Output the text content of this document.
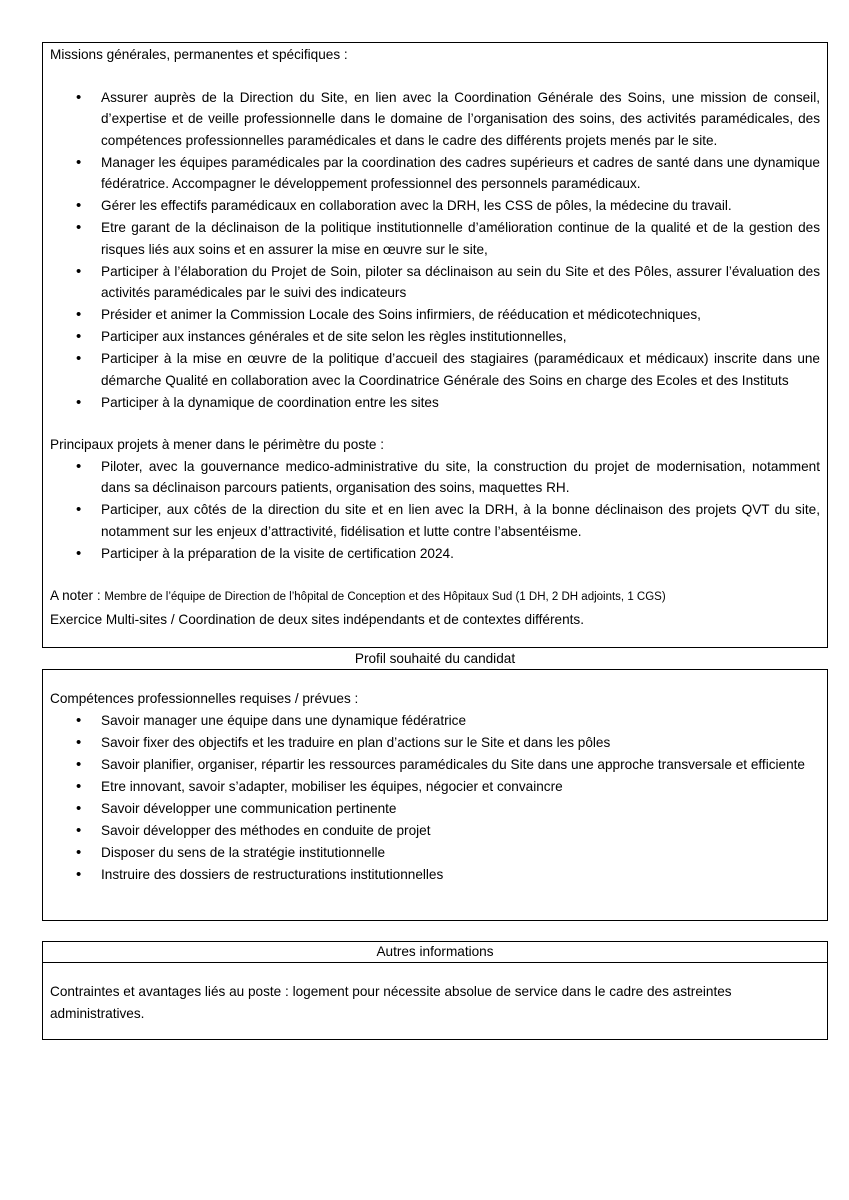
Missions générales, permanentes et spécifiques :

• Assurer auprès de la Direction du Site, en lien avec la Coordination Générale des Soins, une mission de conseil, d’expertise et de veille professionnelle dans le domaine de l’organisation des soins, des activités paramédicales, des compétences professionnelles paramédicales et dans le cadre des différents projets menés par le site.
• Manager les équipes paramédicales par la coordination des cadres supérieurs et cadres de santé dans une dynamique fédératrice. Accompagner le développement professionnel des personnels paramédicaux.
• Gérer les effectifs paramédicaux en collaboration avec la DRH, les CSS de pôles, la médecine du travail.
• Etre garant de la déclinaison de la politique institutionnelle d’amélioration continue de la qualité et de la gestion des risques liés aux soins et en assurer la mise en œuvre sur le site,
• Participer à l’élaboration du Projet de Soin, piloter sa déclinaison au sein du Site et des Pôles, assurer l’évaluation des activités paramédicales par le suivi des indicateurs
• Présider et animer la Commission Locale des Soins infirmiers, de rééducation et médicotechniques,
• Participer aux instances générales et de site selon les règles institutionnelles,
• Participer à la mise en œuvre de la politique d’accueil des stagiaires (paramédicaux et médicaux) inscrite dans une démarche Qualité en collaboration avec la Coordinatrice Générale des Soins en charge des Ecoles et des Instituts
• Participer à la dynamique de coordination entre les sites

Principaux projets à mener dans le périmètre du poste :

• Piloter, avec la gouvernance medico-administrative du site, la construction du projet de modernisation, notamment dans sa déclinaison parcours patients, organisation des soins, maquettes RH.
• Participer, aux côtés de la direction du site et en lien avec la DRH, à la bonne déclinaison des projets QVT du site, notamment sur les enjeux d’attractivité, fidélisation et lutte contre l’absentéisme.
• Participer à la préparation de la visite de certification 2024.

A noter : Membre de l’équipe de Direction de l’hôpital de Conception et des Hôpitaux Sud (1 DH, 2 DH adjoints, 1 CGS)

Exercice Multi-sites / Coordination de deux sites indépendants et de contextes différents.

Profil souhaité du candidat

Compétences professionnelles requises / prévues :

• Savoir manager une équipe dans une dynamique fédératrice
• Savoir fixer des objectifs et les traduire en plan d’actions sur le Site et dans les pôles
• Savoir planifier, organiser, répartir les ressources paramédicales du Site dans une approche transversale et efficiente
• Etre innovant, savoir s’adapter, mobiliser les équipes, négocier et convaincre
• Savoir développer une communication pertinente
• Savoir développer des méthodes en conduite de projet
• Disposer du sens de la stratégie institutionnelle
• Instruire des dossiers de restructurations institutionnelles
Autres informations

Contraintes et avantages liés au poste : logement pour nécessite absolue de service dans le cadre des astreintes administratives.
